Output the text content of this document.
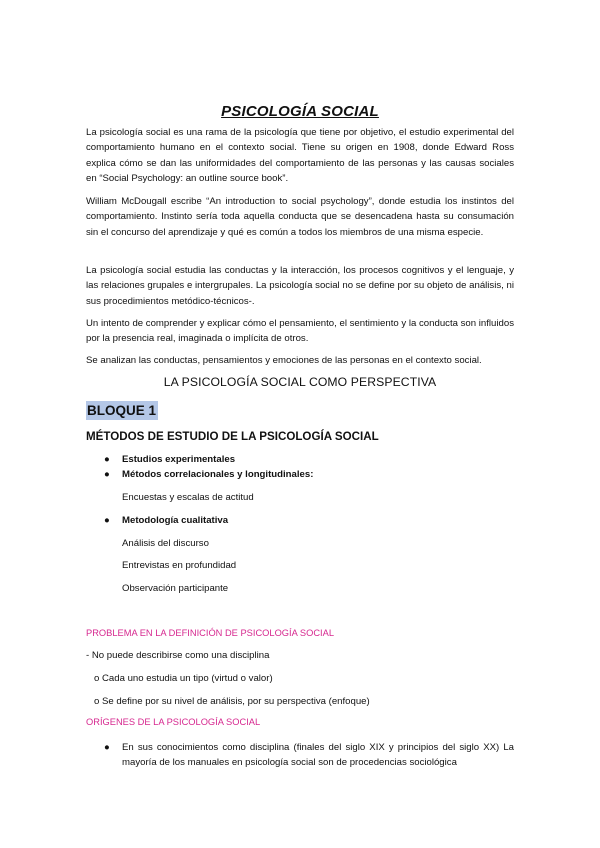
PSICOLOGÍA SOCIAL

La psicología social es una rama de la psicología que tiene por objetivo, el estudio experimental del comportamiento humano en el contexto social. Tiene su origen en 1908, donde Edward Ross explica cómo se dan las uniformidades del comportamiento de las personas y las causas sociales en “Social Psychology: an outline source book”.

William McDougall escribe “An introduction to social psychology”, donde estudia los instintos del comportamiento. Instinto sería toda aquella conducta que se desencadena hasta su consumación sin el concurso del aprendizaje y qué es común a todos los miembros de una misma especie.

La psicología social estudia las conductas y la interacción, los procesos cognitivos y el lenguaje, y las relaciones grupales e intergrupales. La psicología social no se define por su objeto de análisis, ni sus procedimientos metódico-técnicos-.

Un intento de comprender y explicar cómo el pensamiento, el sentimiento y la conducta son influidos por la presencia real, imaginada o implícita de otros.

Se analizan las conductas, pensamientos y emociones de las personas en el contexto social.

LA PSICOLOGÍA SOCIAL COMO PERSPECTIVA
BLOQUE 1
MÉTODOS DE ESTUDIO DE LA PSICOLOGÍA SOCIAL
● Estudios experimentales
● Métodos correlacionales y longitudinales:
Encuestas y escalas de actitud
● Metodología cualitativa
Análisis del discurso
Entrevistas en profundidad
Observación participante
PROBLEMA EN LA DEFINICIÓN DE PSICOLOGÍA SOCIAL
- No puede describirse como una disciplina
o Cada uno estudia un tipo (virtud o valor)
o Se define por su nivel de análisis, por su perspectiva (enfoque)
ORÍGENES DE LA PSICOLOGÍA SOCIAL
●	En sus conocimientos como disciplina (finales del siglo XIX y principios del siglo XX) La mayoría de los manuales en psicología social son de procedencias sociológica
